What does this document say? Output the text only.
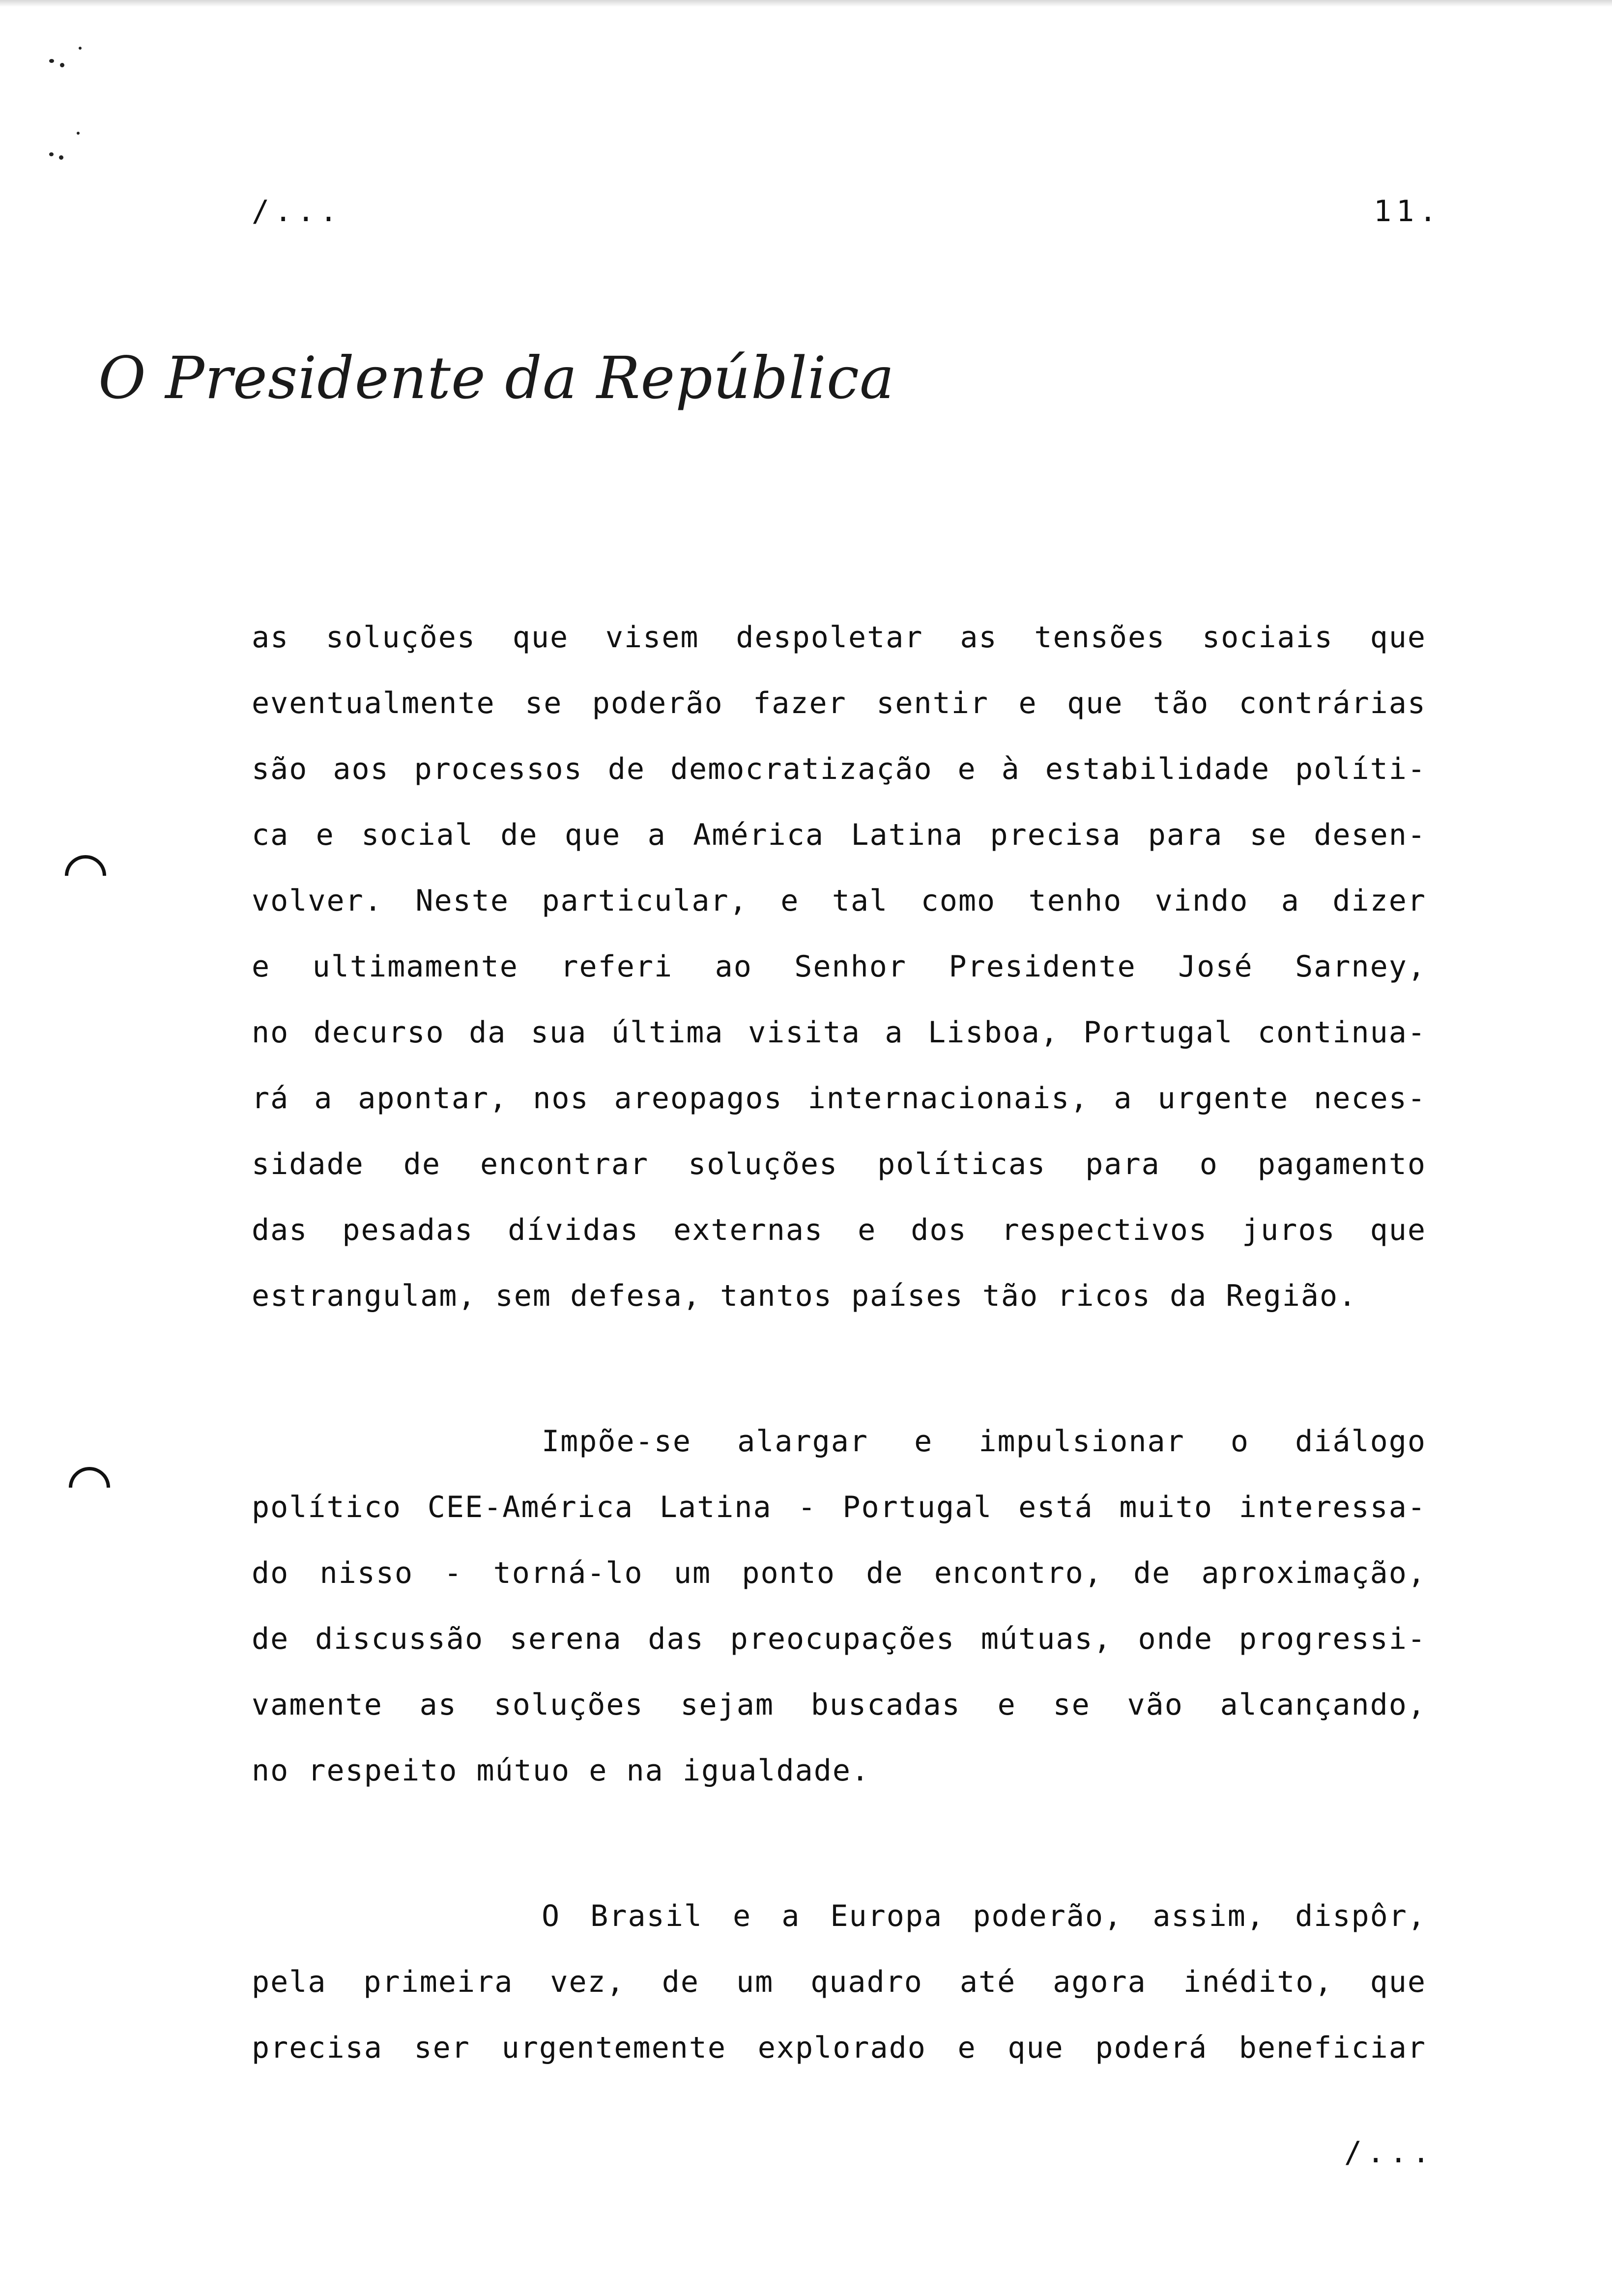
/...	11.
O Presidente da República
as soluções que visem despoletar as tensões sociais que
eventualmente se poderão fazer sentir e que tão contrárias
são aos processos de democratização e à estabilidade políti-
ca e social de que a América Latina precisa para se desen-
volver. Neste particular, e tal como tenho vindo a dizer
e ultimamente referi ao Senhor Presidente José Sarney,
no decurso da sua última visita a Lisboa, Portugal continua-
rá a apontar, nos areopagos internacionais, a urgente neces-
sidade de encontrar soluções políticas para o pagamento
das pesadas dívidas externas e dos respectivos juros que
estrangulam, sem defesa, tantos países tão ricos da Região.
Impõe-se alargar e impulsionar o diálogo
político CEE-América Latina - Portugal está muito interessa-
do nisso - torná-lo um ponto de encontro, de aproximação,
de discussão serena das preocupações mútuas, onde progressi-
vamente as soluções sejam buscadas e se vão alcançando,
no respeito mútuo e na igualdade.
O Brasil e a Europa poderão, assim, dispôr,
pela primeira vez, de um quadro até agora inédito, que
precisa ser urgentemente explorado e que poderá beneficiar
/...
